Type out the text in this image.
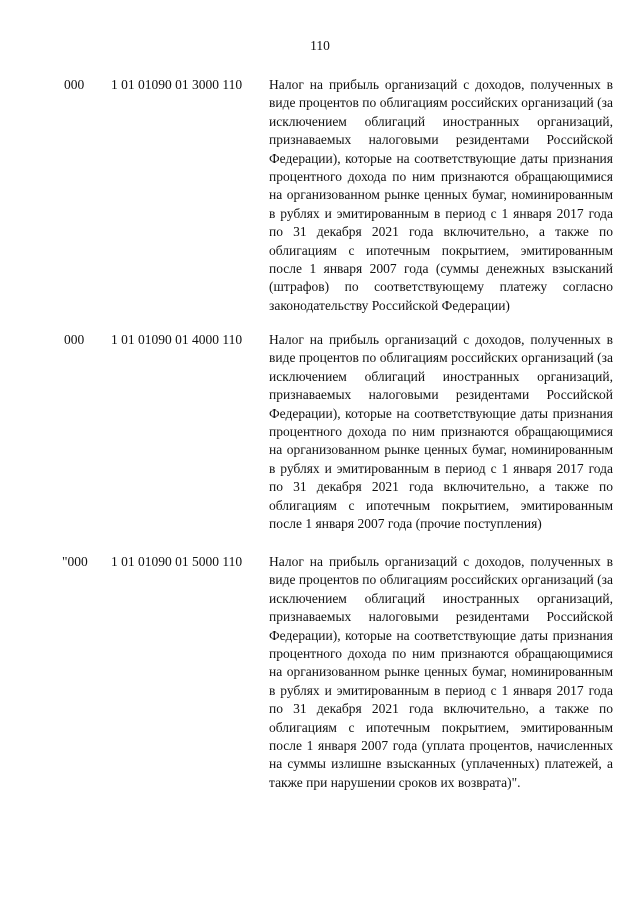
110
000	1 01 01090 01 3000 110	Налог на прибыль организаций с доходов, полученных в виде процентов по облигациям российских организаций (за исключением облигаций иностранных организаций, признаваемых налоговыми резидентами Российской Федерации), которые на соответствующие даты признания процентного дохода по ним признаются обращающимися на организованном рынке ценных бумаг, номинированным в рублях и эмитированным в период с 1 января 2017 года по 31 декабря 2021 года включительно, а также по облигациям с ипотечным покрытием, эмитированным после 1 января 2007 года (суммы денежных взысканий (штрафов) по соответствующему платежу согласно законодательству Российской Федерации)
000	1 01 01090 01 4000 110	Налог на прибыль организаций с доходов, полученных в виде процентов по облигациям российских организаций (за исключением облигаций иностранных организаций, признаваемых налоговыми резидентами Российской Федерации), которые на соответствующие даты признания процентного дохода по ним признаются обращающимися на организованном рынке ценных бумаг, номинированным в рублях и эмитированным в период с 1 января 2017 года по 31 декабря 2021 года включительно, а также по облигациям с ипотечным покрытием, эмитированным после 1 января 2007 года (прочие поступления)
"000	1 01 01090 01 5000 110	Налог на прибыль организаций с доходов, полученных в виде процентов по облигациям российских организаций (за исключением облигаций иностранных организаций, признаваемых налоговыми резидентами Российской Федерации), которые на соответствующие даты признания процентного дохода по ним признаются обращающимися на организованном рынке ценных бумаг, номинированным в рублях и эмитированным в период с 1 января 2017 года по 31 декабря 2021 года включительно, а также по облигациям с ипотечным покрытием, эмитированным после 1 января 2007 года (уплата процентов, начисленных на суммы излишне взысканных (уплаченных) платежей, а также при нарушении сроков их возврата)".
